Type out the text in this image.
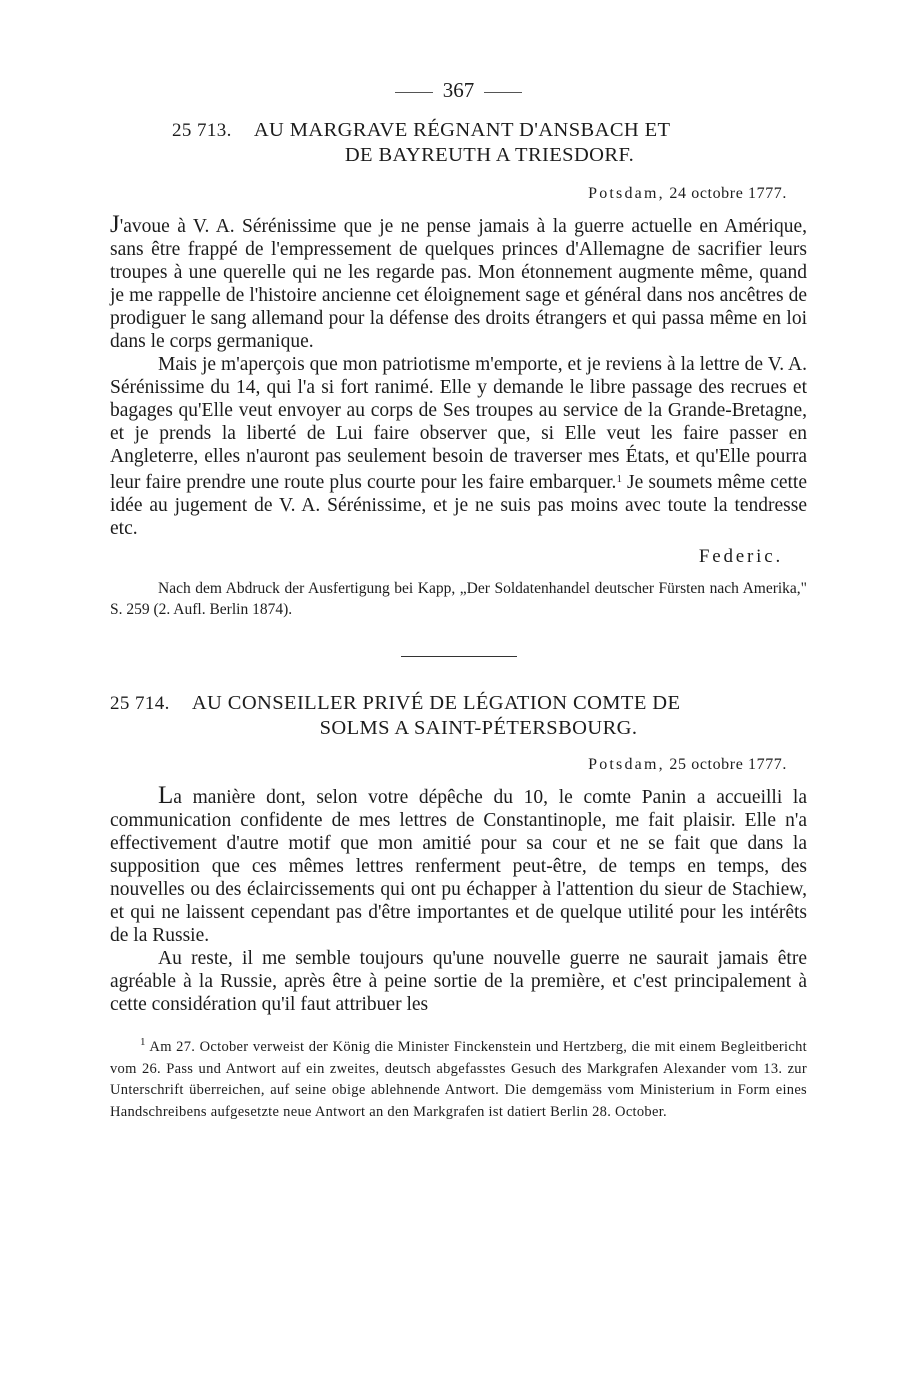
367
25 713. AU MARGRAVE RÉGNANT D'ANSBACH ET
DE BAYREUTH A TRIESDORF.
Potsdam, 24 octobre 1777.

J'avoue à V. A. Sérénissime que je ne pense jamais à la guerre actuelle en Amérique, sans être frappé de l'empressement de quelques princes d'Allemagne de sacrifier leurs troupes à une querelle qui ne les regarde pas. Mon étonnement augmente même, quand je me rappelle de l'histoire ancienne cet éloignement sage et général dans nos ancêtres de prodiguer le sang allemand pour la défense des droits étrangers et qui passa même en loi dans le corps germanique.

Mais je m'aperçois que mon patriotisme m'emporte, et je reviens à la lettre de V. A. Sérénissime du 14, qui l'a si fort ranimé. Elle y demande le libre passage des recrues et bagages qu'Elle veut envoyer au corps de Ses troupes au service de la Grande-Bretagne, et je prends la liberté de Lui faire observer que, si Elle veut les faire passer en Angleterre, elles n'auront pas seulement besoin de traverser mes États, et qu'Elle pourra leur faire prendre une route plus courte pour les faire embarquer.$^1$ Je soumets même cette idée au jugement de V. A. Sérénissime, et je ne suis pas moins avec toute la tendresse etc.

Federic.
Nach dem Abdruck der Ausfertigung bei Kapp, „Der Soldatenhandel deutscher Fürsten nach Amerika," S. 259 (2. Aufl. Berlin 1874).
25 714. AU CONSEILLER PRIVÉ DE LÉGATION COMTE DE
SOLMS A SAINT-PÉTERSBOURG.
Potsdam, 25 octobre 1777.

La manière dont, selon votre dépêche du 10, le comte Panin a accueilli la communication confidente de mes lettres de Constantinople, me fait plaisir. Elle n'a effectivement d'autre motif que mon amitié pour sa cour et ne se fait que dans la supposition que ces mêmes lettres renferment peut-être, de temps en temps, des nouvelles ou des éclaircissements qui ont pu échapper à l'attention du sieur de Stachiew, et qui ne laissent cependant pas d'être importantes et de quelque utilité pour les intérêts de la Russie.

Au reste, il me semble toujours qu'une nouvelle guerre ne saurait jamais être agréable à la Russie, après être à peine sortie de la première, et c'est principalement à cette considération qu'il faut attribuer les

$^1$ Am 27. October verweist der König die Minister Finckenstein und Hertzberg, die mit einem Begleitbericht vom 26. Pass und Antwort auf ein zweites, deutsch abgefasstes Gesuch des Markgrafen Alexander vom 13. zur Unterschrift überreichen, auf seine obige ablehnende Antwort. Die demgemäss vom Ministerium in Form eines Handschreibens aufgesetzte neue Antwort an den Markgrafen ist datiert Berlin 28. October.
